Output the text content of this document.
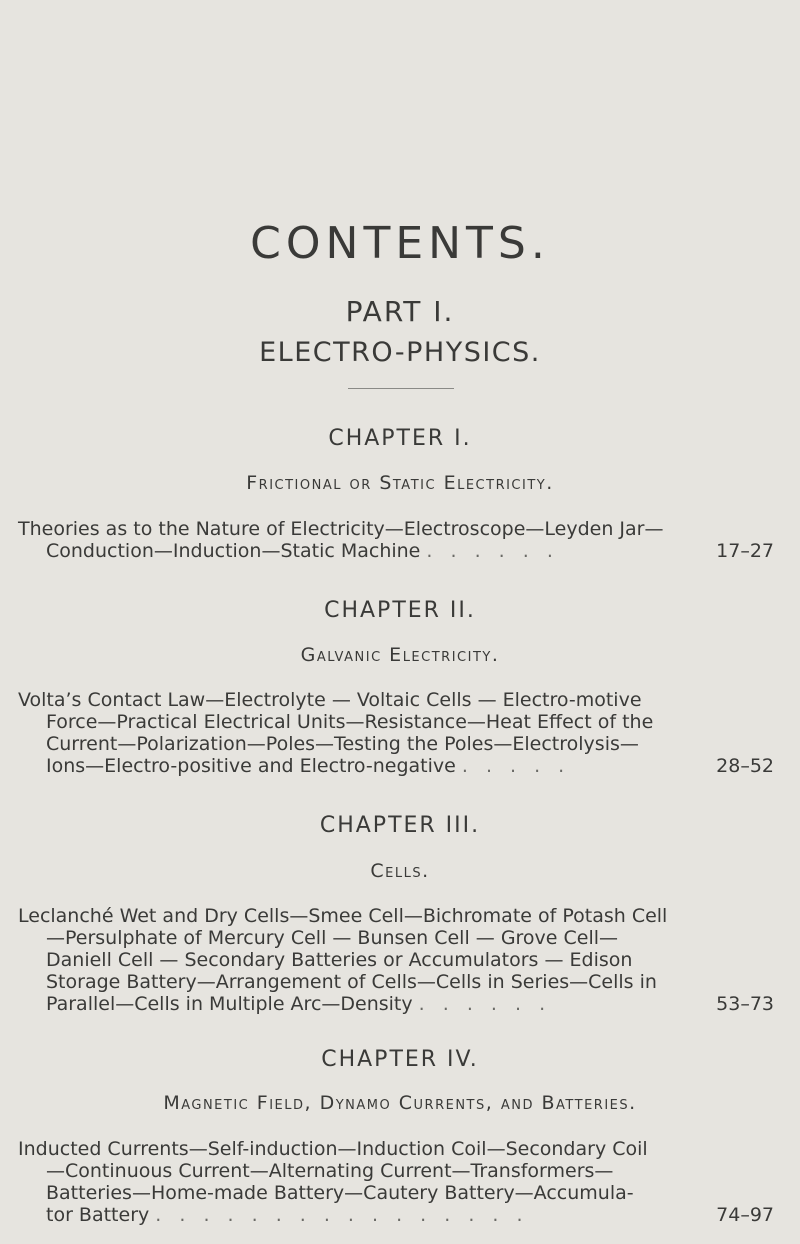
CONTENTS.
PART I.
ELECTRO-PHYSICS.
CHAPTER I.
Frictional or Static Electricity.
Theories as to the Nature of Electricity—Electroscope—Leyden Jar—
Conduction—Induction—Static Machine . . . . . .	17–27
CHAPTER II.
Galvanic Electricity.
Volta’s Contact Law—Electrolyte — Voltaic Cells — Electro-motive
Force—Practical Electrical Units—Resistance—Heat Effect of the
Current—Polarization—Poles—Testing the Poles—Electrolysis—
Ions—Electro-positive and Electro-negative . . . . .	28–52
CHAPTER III.
Cells.
Leclanché Wet and Dry Cells—Smee Cell—Bichromate of Potash Cell
—Persulphate of Mercury Cell — Bunsen Cell — Grove Cell—
Daniell Cell — Secondary Batteries or Accumulators — Edison
Storage Battery—Arrangement of Cells—Cells in Series—Cells in
Parallel—Cells in Multiple Arc—Density . . . . . .	53–73
CHAPTER IV.
Magnetic Field, Dynamo Currents, and Batteries.
Inducted Currents—Self-induction—Induction Coil—Secondary Coil
—Continuous Current—Alternating Current—Transformers—
Batteries—Home-made Battery—Cautery Battery—Accumula-
tor Battery . . . . . . . . . . . . . . . .	74–97
